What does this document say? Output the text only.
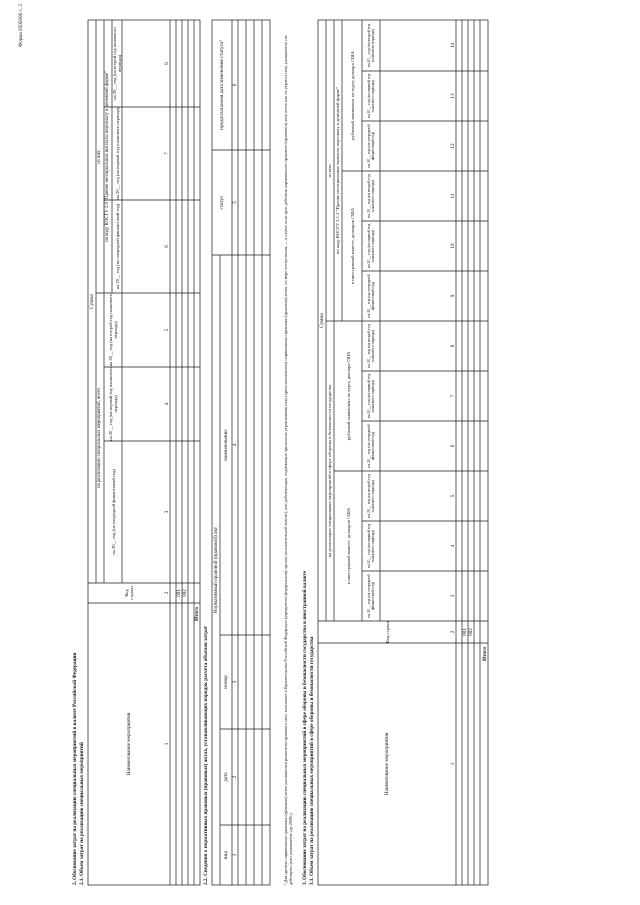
2. Обоснование затрат на реализацию специальных мероприятий в валюте Российской Федерации 2.1. Объем затрат на реализацию специальных мероприятий
Форма 0505606 с. 2
Наименование мероприятия
Код строки
Сумма
на реализацию специальных мероприятий, всего
из них: по коду КОСГУ 2.9 "Прочие несоциальные выплаты персоналу в денежной форме"
на 20__ год (на очередной финансовый год)
на 20__ год (на первый год планового периода)
на 20__ год (на второй год планового периода)
на 20__ год (на очередной финансовый год)
на 20__ год (на первый год планового периода)
на 20__ год (на второй год планового периода)
1
2
3
4
5
6
7
8
001 002
Итого
2.2. Сведения о нормативных правовых (правовых) актах, устанавливающих порядок расчета объемов затрат
Нормативный правовой (правовой) акт
вид
дата
номер
наименование
статус
предполагаемая дата изменения статуса¹
1
2
3
4
5
6	¹ Для проекта нормативных правовых (правовых) актов указываются реквизиты правового акта, вносимого в Правительство Российской Федерации (учредителю федеральному органу исполнительной власти), или действующих, подлежащих признанию утратившими силу (приостановлению) нормативных правовых (правовых) актов, по мере поступления, — в случае если срок действия нормативного правового (правового) акта истек или он утратил силу, указывается «не действует» (или указывается «до 2009») 3. Обоснование затрат на реализацию специальных мероприятий в сфере обороны и безопасности государства в иностранной валюте 3.1. Объем затрат на реализацию специальных мероприятий в сфере обороны и безопасности государства	Наименование мероприятия
Код строки
Сумма
на реализацию специальных мероприятий в сфере обороны и безопасности государства
из них: по коду КОСГУ 2.1.2 "Прочие несоциальные выплаты персоналу в денежной форме"
в иностранной валюте, долларов США
рублевый эквивалент по курсу доллара США
в иностранной валюте, долларов США
рублевый эквивалент по курсу доллара США
на 20__ год (на очередной финансовый год)
на 20__ год (на первый год планового периода)
на 20__ год (на второй год планового периода)
на 20__ год (на очередной финансовый год)
на 20__ год (на первый год планового периода)
на 20__ год (на второй год планового периода)
на 20__ год (на очередной финансовый год)
на 20__ год (на первый год планового периода)
на 20__ год (на второй год планового периода)
на 20__ год (на очередной финансовый год)
на 20__ год (на первый год планового периода)
на 20__ год (на второй год планового периода)
1
2
3
4
5
6
7
8
9
10
11
12
13
14
001 002
Итого
